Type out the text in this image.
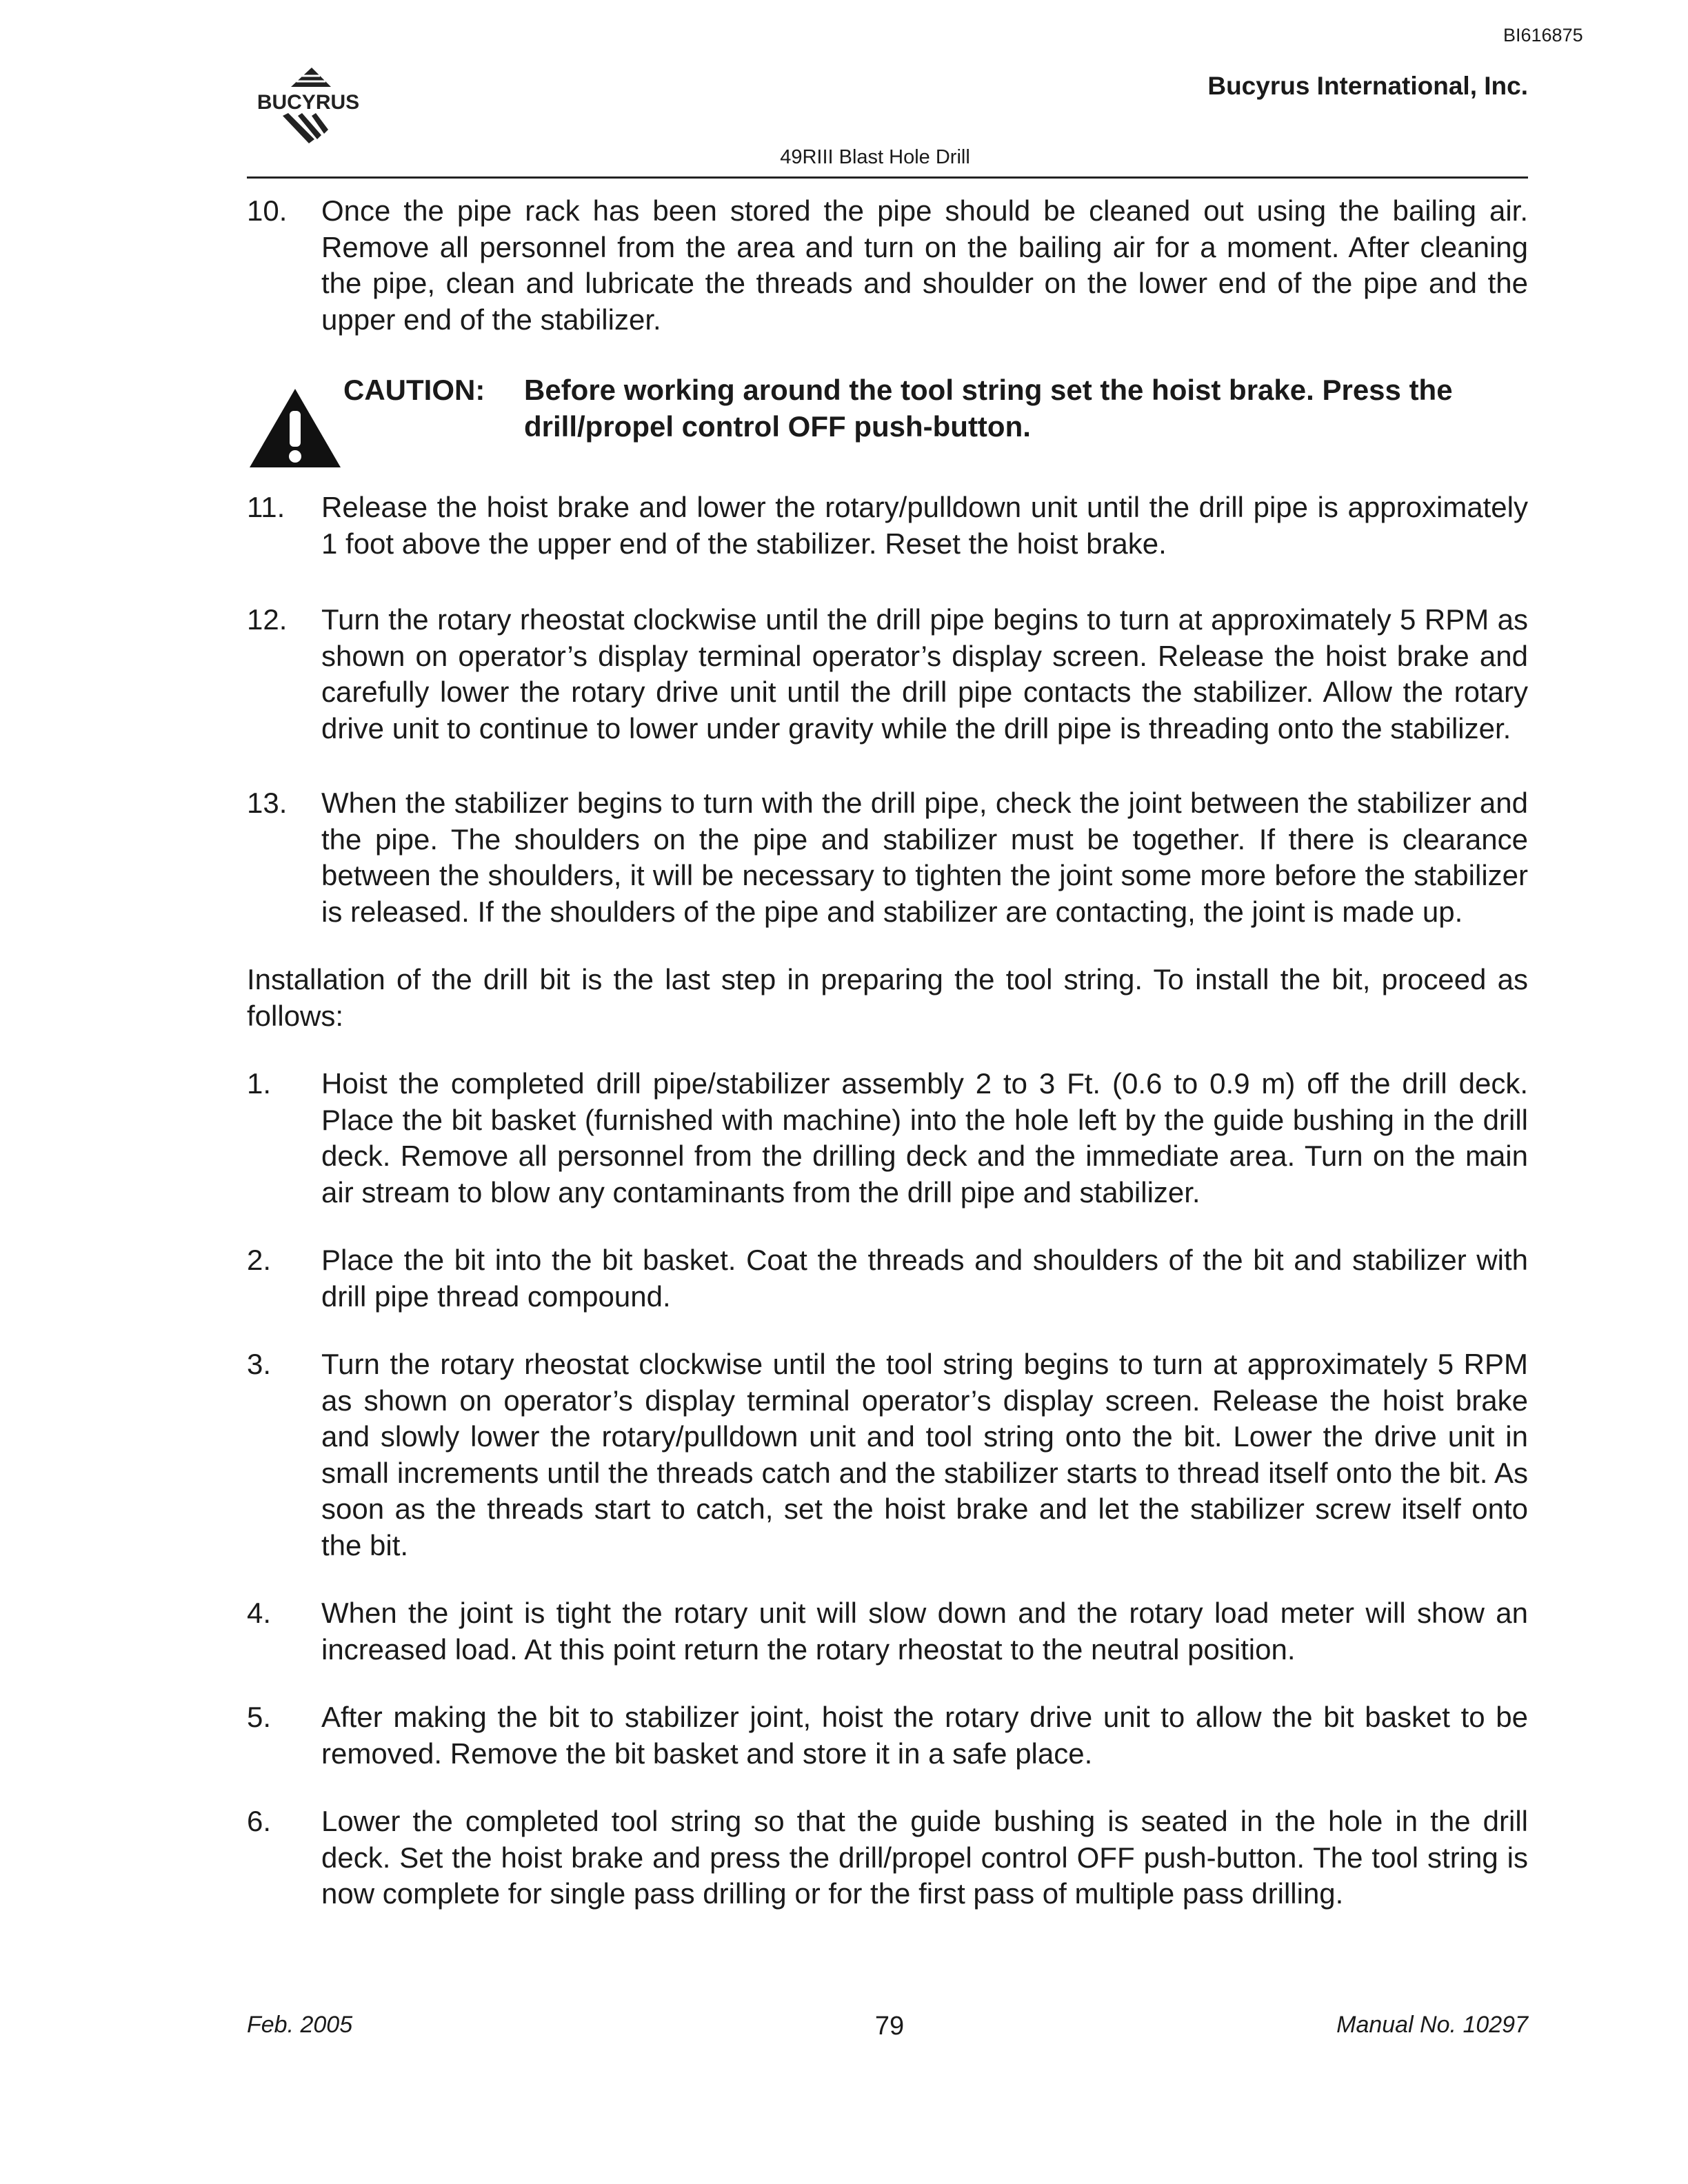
BI616875
BUCYRUS
Bucyrus International, Inc.
49RIII Blast Hole Drill
10.	Once the pipe rack has been stored the pipe should be cleaned out using the bailing air. Remove all personnel from the area and turn on the bailing air for a moment. After cleaning the pipe, clean and lubricate the threads and shoulder on the lower end of the pipe and the upper end of the stabilizer.
CAUTION:	Before working around the tool string set the hoist brake. Press the drill/propel control OFF push-button.
11.	Release the hoist brake and lower the rotary/pulldown unit until the drill pipe is approximately 1 foot above the upper end of the stabilizer. Reset the hoist brake.
12.	Turn the rotary rheostat clockwise until the drill pipe begins to turn at approximately 5 RPM as shown on operator’s display terminal operator’s display screen. Release the hoist brake and carefully lower the rotary drive unit until the drill pipe contacts the stabilizer. Allow the rotary drive unit to continue to lower under gravity while the drill pipe is threading onto the stabilizer.
13.	When the stabilizer begins to turn with the drill pipe, check the joint between the stabilizer and the pipe. The shoulders on the pipe and stabilizer must be together. If there is clearance between the shoulders, it will be necessary to tighten the joint some more before the stabilizer is released. If the shoulders of the pipe and stabilizer are contacting, the joint is made up.
Installation of the drill bit is the last step in preparing the tool string. To install the bit, proceed as follows:
1.	Hoist the completed drill pipe/stabilizer assembly 2 to 3 Ft. (0.6 to 0.9 m) off the drill deck. Place the bit basket (furnished with machine) into the hole left by the guide bushing in the drill deck. Remove all personnel from the drilling deck and the immediate area. Turn on the main air stream to blow any contaminants from the drill pipe and stabilizer.
2.	Place the bit into the bit basket. Coat the threads and shoulders of the bit and stabilizer with drill pipe thread compound.
3.	Turn the rotary rheostat clockwise until the tool string begins to turn at approximately 5 RPM as shown on operator’s display terminal operator’s display screen. Release the hoist brake and slowly lower the rotary/pulldown unit and tool string onto the bit. Lower the drive unit in small increments until the threads catch and the stabilizer starts to thread itself onto the bit. As soon as the threads start to catch, set the hoist brake and let the stabilizer screw itself onto the bit.
4.	When the joint is tight the rotary unit will slow down and the rotary load meter will show an increased load. At this point return the rotary rheostat to the neutral position.
5.	After making the bit to stabilizer joint, hoist the rotary drive unit to allow the bit basket to be removed. Remove the bit basket and store it in a safe place.
6.	Lower the completed tool string so that the guide bushing is seated in the hole in the drill deck. Set the hoist brake and press the drill/propel control OFF push-button. The tool string is now complete for single pass drilling or for the first pass of multiple pass drilling.
Feb. 2005	79	Manual No. 10297
